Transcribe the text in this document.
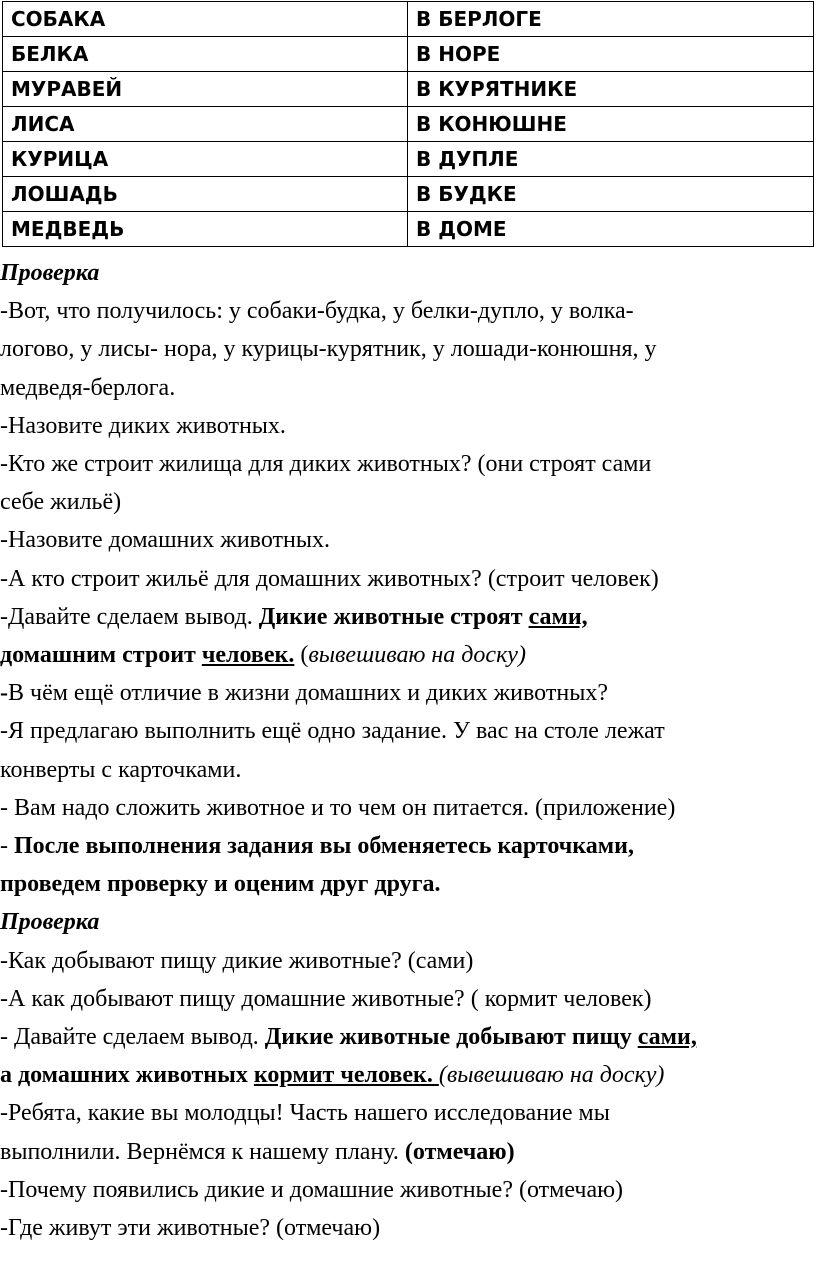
СОБАКА	В БЕРЛОГЕ
БЕЛКА	В НОРЕ
МУРАВЕЙ	В КУРЯТНИКЕ
ЛИСА	В КОНЮШНЕ
КУРИЦА	В ДУПЛЕ
ЛОШАДЬ	В БУДКЕ
МЕДВЕДЬ	В ДОМЕ

Проверка

-Вот, что получилось: у собаки-будка, у белки-дупло, у волка-

логово, у лисы- нора, у курицы-курятник, у лошади-конюшня, у

медведя-берлога.

-Назовите диких животных.

-Кто же строит жилища для диких животных? (они строят сами

себе жильё)

-Назовите домашних животных.

-А кто строит жильё для домашних животных? (строит человек)

-Давайте сделаем вывод. Дикие животные строят сами,

домашним строит человек. (вывешиваю на доску)

-В чём ещё отличие в жизни домашних и диких животных?

-Я предлагаю выполнить ещё одно задание. У вас на столе лежат

конверты с карточками.

- Вам надо сложить животное и то чем он питается. (приложение)

- После выполнения задания вы обменяетесь карточками,

проведем проверку и оценим друг друга.

Проверка

-Как добывают пищу дикие животные? (сами)

-А как добывают пищу домашние животные? ( кормит человек)

- Давайте сделаем вывод. Дикие животные добывают пищу сами,

а домашних животных кормит человек. (вывешиваю на доску)

-Ребята, какие вы молодцы! Часть нашего исследование мы

выполнили. Вернёмся к нашему плану. (отмечаю)

-Почему появились дикие и домашние животные? (отмечаю)

-Где живут эти животные? (отмечаю)
